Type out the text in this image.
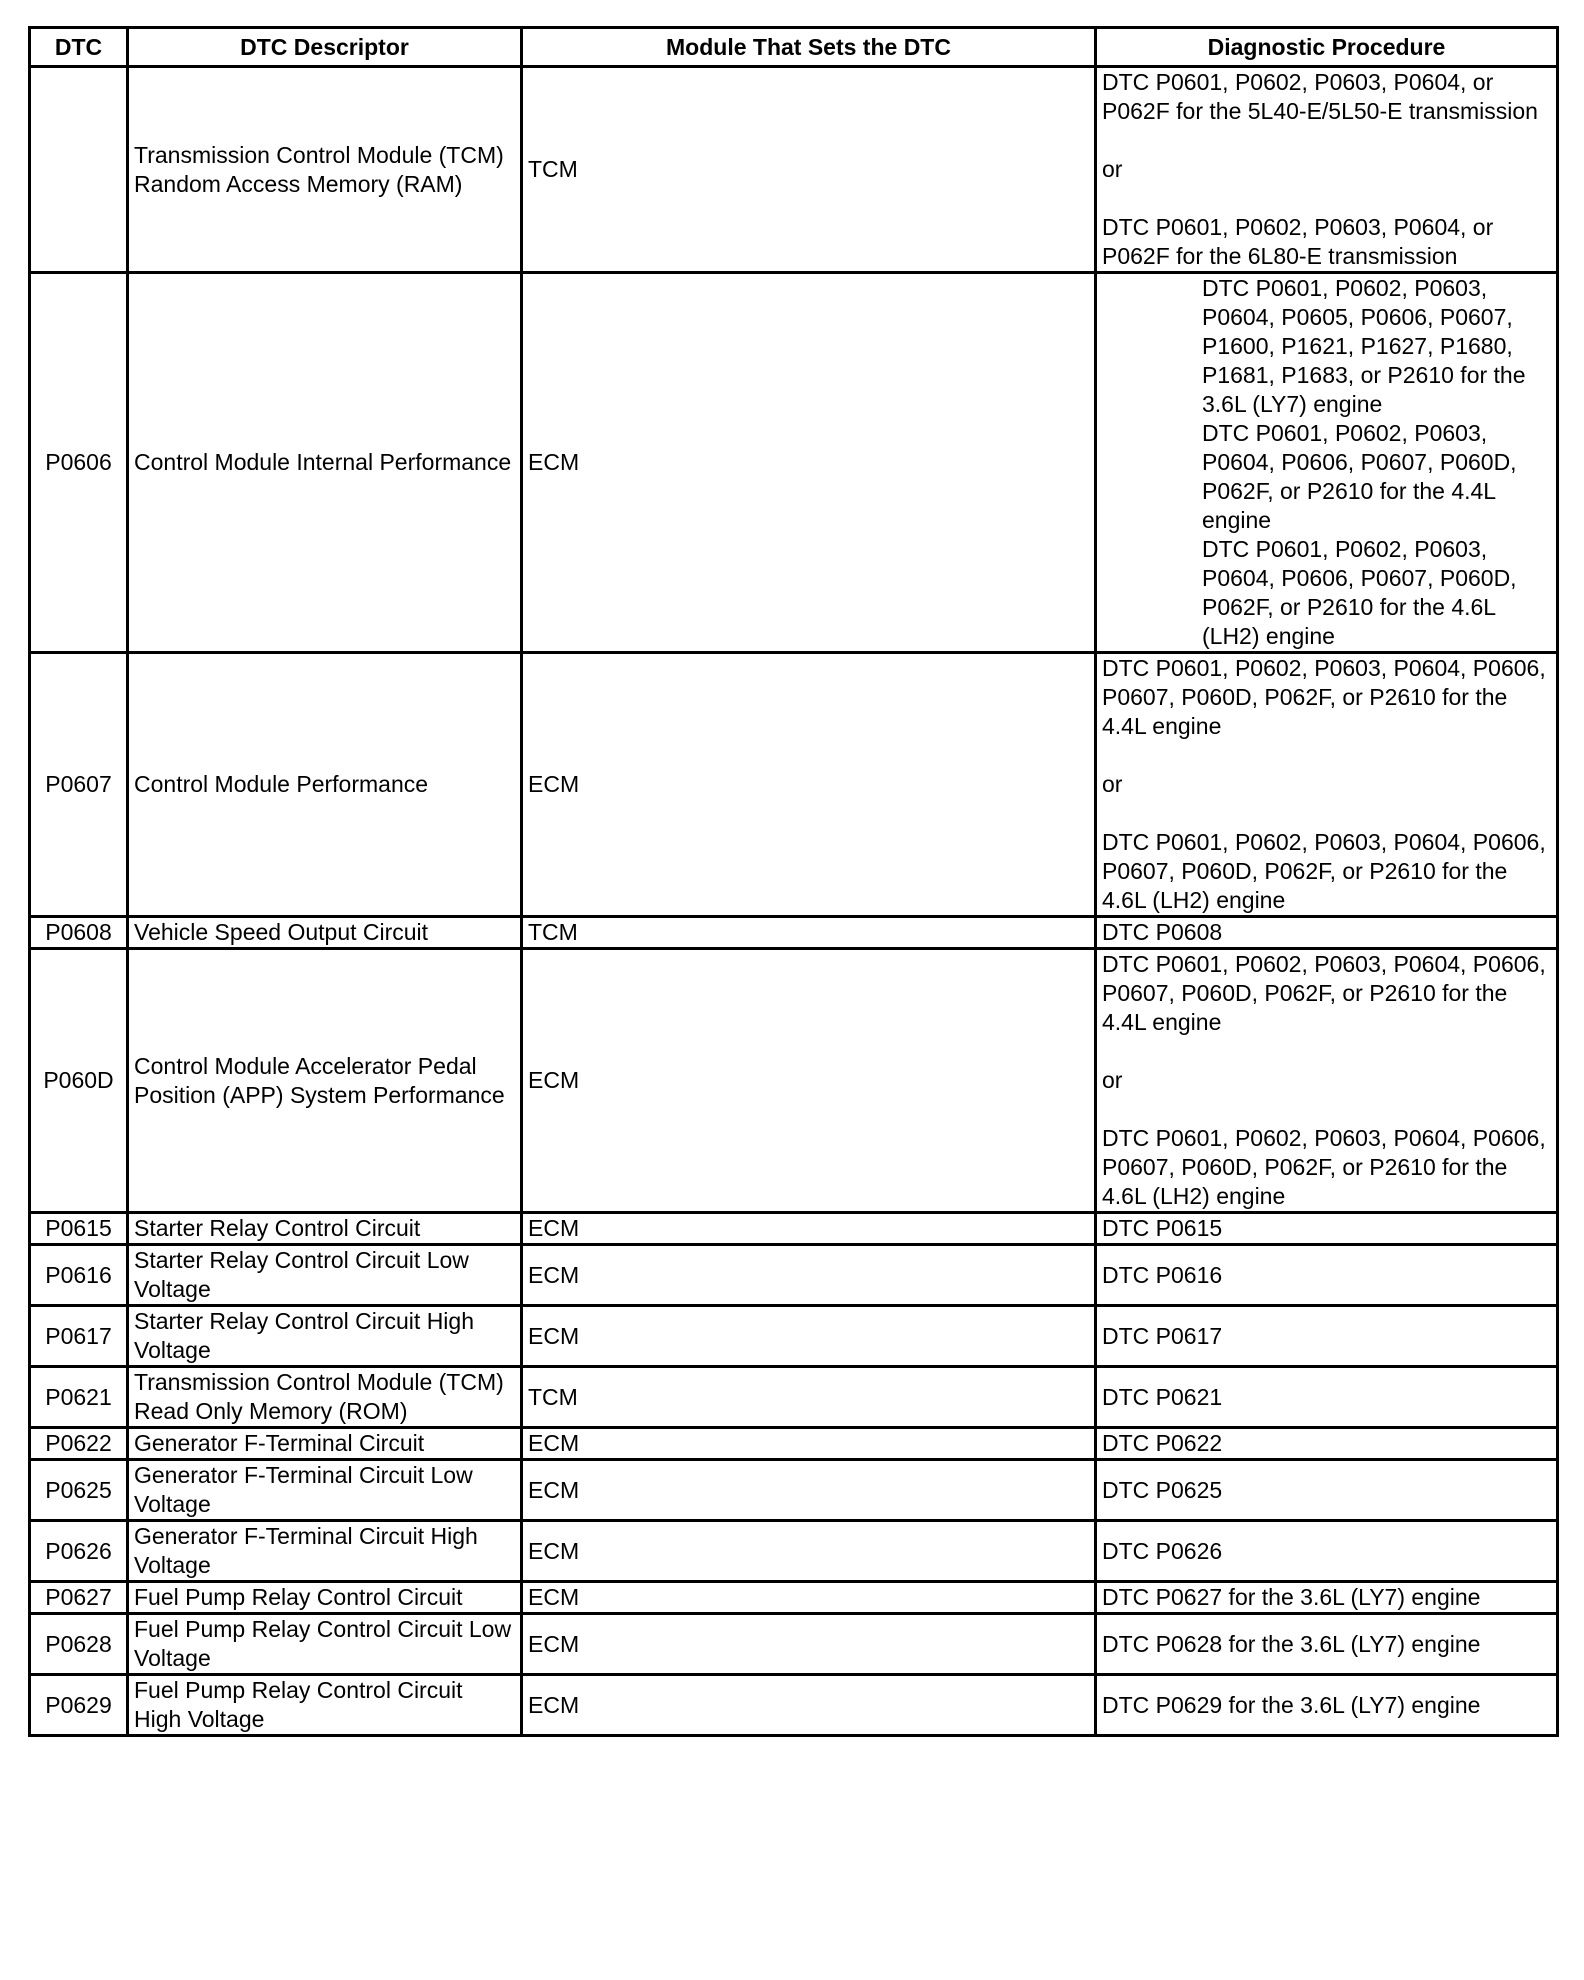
DTC	DTC Descriptor	Module That Sets the DTC	Diagnostic Procedure
	Transmission Control Module (TCM) Random Access Memory (RAM)	TCM	DTC P0601, P0602, P0603, P0604, or P062F for the 5L40-E/5L50-E transmission
or
DTC P0601, P0602, P0603, P0604, or P062F for the 6L80-E transmission

P0606	Control Module Internal Performance	ECM	DTC P0601, P0602, P0603, P0604, P0605, P0606, P0607, P1600, P1621, P1627, P1680, P1681, P1683, or P2610 for the 3.6L (LY7) engine
DTC P0601, P0602, P0603, P0604, P0606, P0607, P060D, P062F, or P2610 for the 4.4L engine
DTC P0601, P0602, P0603, P0604, P0606, P0607, P060D, P062F, or P2610 for the 4.6L (LH2) engine

P0607	Control Module Performance	ECM	DTC P0601, P0602, P0603, P0604, P0606, P0607, P060D, P062F, or P2610 for the 4.4L engine
or
DTC P0601, P0602, P0603, P0604, P0606, P0607, P060D, P062F, or P2610 for the 4.6L (LH2) engine

P0608	Vehicle Speed Output Circuit	TCM	DTC P0608

P060D	Control Module Accelerator Pedal Position (APP) System Performance	ECM	DTC P0601, P0602, P0603, P0604, P0606, P0607, P060D, P062F, or P2610 for the 4.4L engine
or
DTC P0601, P0602, P0603, P0604, P0606, P0607, P060D, P062F, or P2610 for the 4.6L (LH2) engine

P0615	Starter Relay Control Circuit	ECM	DTC P0615

P0616	Starter Relay Control Circuit Low Voltage	ECM	DTC P0616

P0617	Starter Relay Control Circuit High Voltage	ECM	DTC P0617

P0621	Transmission Control Module (TCM) Read Only Memory (ROM)	TCM	DTC P0621

P0622	Generator F-Terminal Circuit	ECM	DTC P0622

P0625	Generator F-Terminal Circuit Low Voltage	ECM	DTC P0625

P0626	Generator F-Terminal Circuit High Voltage	ECM	DTC P0626

P0627	Fuel Pump Relay Control Circuit	ECM	DTC P0627 for the 3.6L (LY7) engine

P0628	Fuel Pump Relay Control Circuit Low Voltage	ECM	DTC P0628 for the 3.6L (LY7) engine

P0629	Fuel Pump Relay Control Circuit High Voltage	ECM	DTC P0629 for the 3.6L (LY7) engine
